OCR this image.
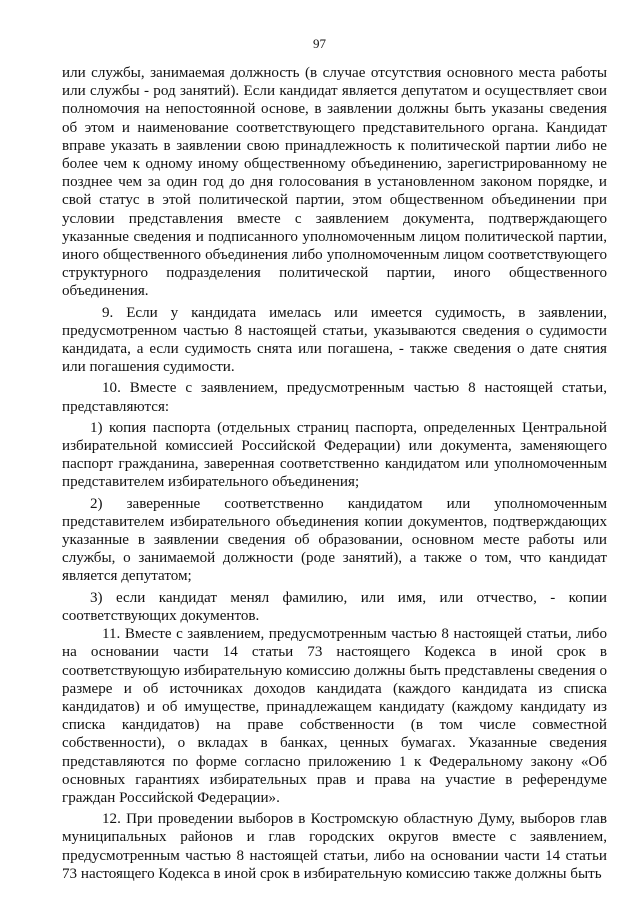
97

или службы, занимаемая должность (в случае отсутствия основного места работы или службы - род занятий). Если кандидат является депутатом и осуществляет свои полномочия на непостоянной основе, в заявлении должны быть указаны сведения об этом и наименование соответствующего представительного органа. Кандидат вправе указать в заявлении свою принадлежность к политической партии либо не более чем к одному иному общественному объединению, зарегистрированному не позднее чем за один год до дня голосования в установленном законом порядке, и свой статус в этой политической партии, этом общественном объединении при условии представления вместе с заявлением документа, подтверждающего указанные сведения и подписанного уполномоченным лицом политической партии, иного общественного объединения либо уполномоченным лицом соответствующего структурного подразделения политической партии, иного общественного объединения.

9. Если у кандидата имелась или имеется судимость, в заявлении, предусмотренном частью 8 настоящей статьи, указываются сведения о судимости кандидата, а если судимость снята или погашена, - также сведения о дате снятия или погашения судимости.

10. Вместе с заявлением, предусмотренным частью 8 настоящей статьи, представляются:

1) копия паспорта (отдельных страниц паспорта, определенных Центральной избирательной комиссией Российской Федерации) или документа, заменяющего паспорт гражданина, заверенная соответственно кандидатом или уполномоченным представителем избирательного объединения;

2) заверенные соответственно кандидатом или уполномоченным представителем избирательного объединения копии документов, подтверждающих указанные в заявлении сведения об образовании, основном месте работы или службы, о занимаемой должности (роде занятий), а также о том, что кандидат является депутатом;

3) если кандидат менял фамилию, или имя, или отчество, - копии соответствующих документов.

11. Вместе с заявлением, предусмотренным частью 8 настоящей статьи, либо на основании части 14 статьи 73 настоящего Кодекса в иной срок в соответствующую избирательную комиссию должны быть представлены сведения о размере и об источниках доходов кандидата (каждого кандидата из списка кандидатов) и об имуществе, принадлежащем кандидату (каждому кандидату из списка кандидатов) на праве собственности (в том числе совместной собственности), о вкладах в банках, ценных бумагах. Указанные сведения представляются по форме согласно приложению 1 к Федеральному закону «Об основных гарантиях избирательных прав и права на участие в референдуме граждан Российской Федерации».

12. При проведении выборов в Костромскую областную Думу, выборов глав муниципальных районов и глав городских округов вместе с заявлением, предусмотренным частью 8 настоящей статьи, либо на основании части 14 статьи 73 настоящего Кодекса в иной срок в избирательную комиссию также должны быть
